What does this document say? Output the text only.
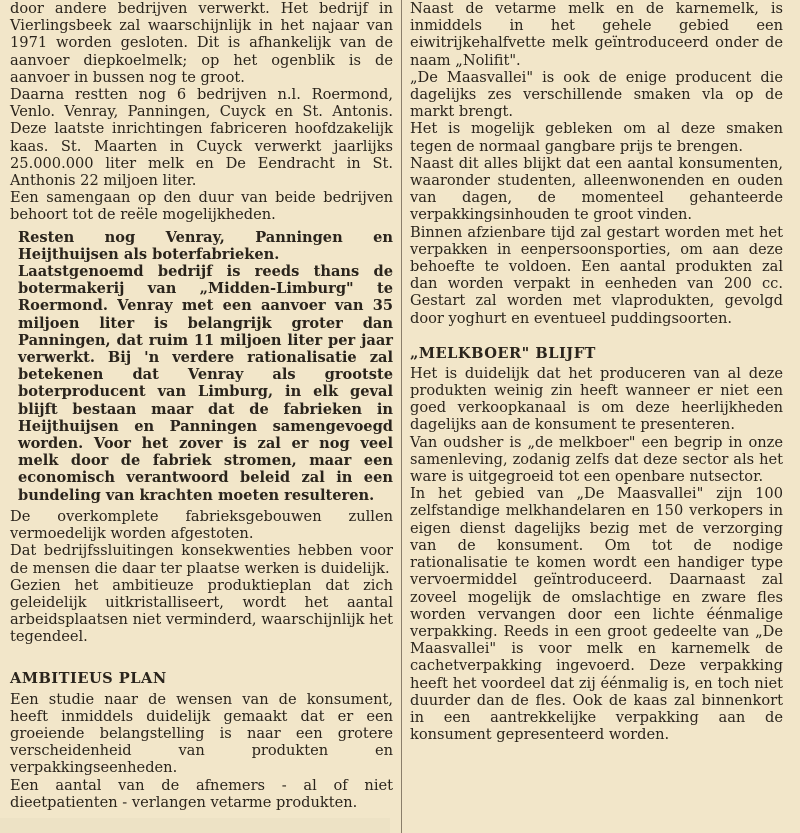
door andere bedrijven verwerkt. Het bedrijf in Vierlingsbeek zal waarschijnlijk in het najaar van 1971 worden gesloten. Dit is afhankelijk van de aanvoer diepkoelmelk; op het ogenblik is de aanvoer in bussen nog te groot.

Daarna restten nog 6 bedrijven n.l. Roermond, Venlo. Venray, Panningen, Cuyck en St. Antonis. Deze laatste inrichtingen fabriceren hoofdzakelijk kaas. St. Maarten in Cuyck verwerkt jaarlijks 25.000.000 liter melk en De Eendracht in St. Anthonis 22 miljoen liter.

Een samengaan op den duur van beide bedrijven behoort tot de reële mogelijkheden.

Resten nog Venray, Panningen en Heijthuijsen als boterfabrieken.

Laatstgenoemd bedrijf is reeds thans de botermakerij van „Midden-Limburg" te Roermond. Venray met een aanvoer van 35 miljoen liter is belangrijk groter dan Panningen, dat ruim 11 miljoen liter per jaar verwerkt. Bij 'n verdere rationalisatie zal betekenen dat Venray als grootste boterproducent van Limburg, in elk geval blijft bestaan maar dat de fabrieken in Heijthuijsen en Panningen samengevoegd worden. Voor het zover is zal er nog veel melk door de fabriek stromen, maar een economisch verantwoord beleid zal in een bundeling van krachten moeten resulteren.

De overkomplete fabrieksgebouwen zullen vermoedelijk worden afgestoten.

Dat bedrijfssluitingen konsekwenties hebben voor de mensen die daar ter plaatse werken is duidelijk.

Gezien het ambitieuze produktieplan dat zich geleidelijk uitkristalliseert, wordt het aantal arbeidsplaatsen niet verminderd, waarschijnlijk het tegendeel.

AMBITIEUS PLAN

Een studie naar de wensen van de konsument, heeft inmiddels duidelijk gemaakt dat er een groeiende belangstelling is naar een grotere verscheidenheid van produkten en verpakkingseenheden.

Een aantal van de afnemers - al of niet dieetpatienten - verlangen vetarme produkten.

Naast de vetarme melk en de karnemelk, is inmiddels in het gehele gebied een eiwitrijkehalfvette melk geïntroduceerd onder de naam „Nolifit".

„De Maasvallei" is ook de enige producent die dagelijks zes verschillende smaken vla op de markt brengt.

Het is mogelijk gebleken om al deze smaken tegen de normaal gangbare prijs te brengen.

Naast dit alles blijkt dat een aantal konsumenten, waaronder studenten, alleenwonenden en ouden van dagen, de momenteel gehanteerde verpakkingsinhouden te groot vinden.

Binnen afzienbare tijd zal gestart worden met het verpakken in eenpersoonsporties, om aan deze behoefte te voldoen. Een aantal produkten zal dan worden verpakt in eenheden van 200 cc. Gestart zal worden met vlaprodukten, gevolgd door yoghurt en eventueel puddingsoorten.

„MELKBOER" BLIJFT

Het is duidelijk dat het produceren van al deze produkten weinig zin heeft wanneer er niet een goed verkoopkanaal is om deze heerlijkheden dagelijks aan de konsument te presenteren.

Van oudsher is „de melkboer" een begrip in onze samenleving, zodanig zelfs dat deze sector als het ware is uitgegroeid tot een openbare nutsector.

In het gebied van „De Maasvallei" zijn 100 zelfstandige melkhandelaren en 150 verkopers in eigen dienst dagelijks bezig met de verzorging van de konsument. Om tot de nodige rationalisatie te komen wordt een handiger type vervoermiddel geïntroduceerd. Daarnaast zal zoveel mogelijk de omslachtige en zware fles worden vervangen door een lichte éénmalige verpakking. Reeds in een groot gedeelte van „De Maasvallei" is voor melk en karnemelk de cachetverpakking ingevoerd. Deze verpakking heeft het voordeel dat zij éénmalig is, en toch niet duurder dan de fles. Ook de kaas zal binnenkort in een aantrekkelijke verpakking aan de konsument gepresenteerd worden.
